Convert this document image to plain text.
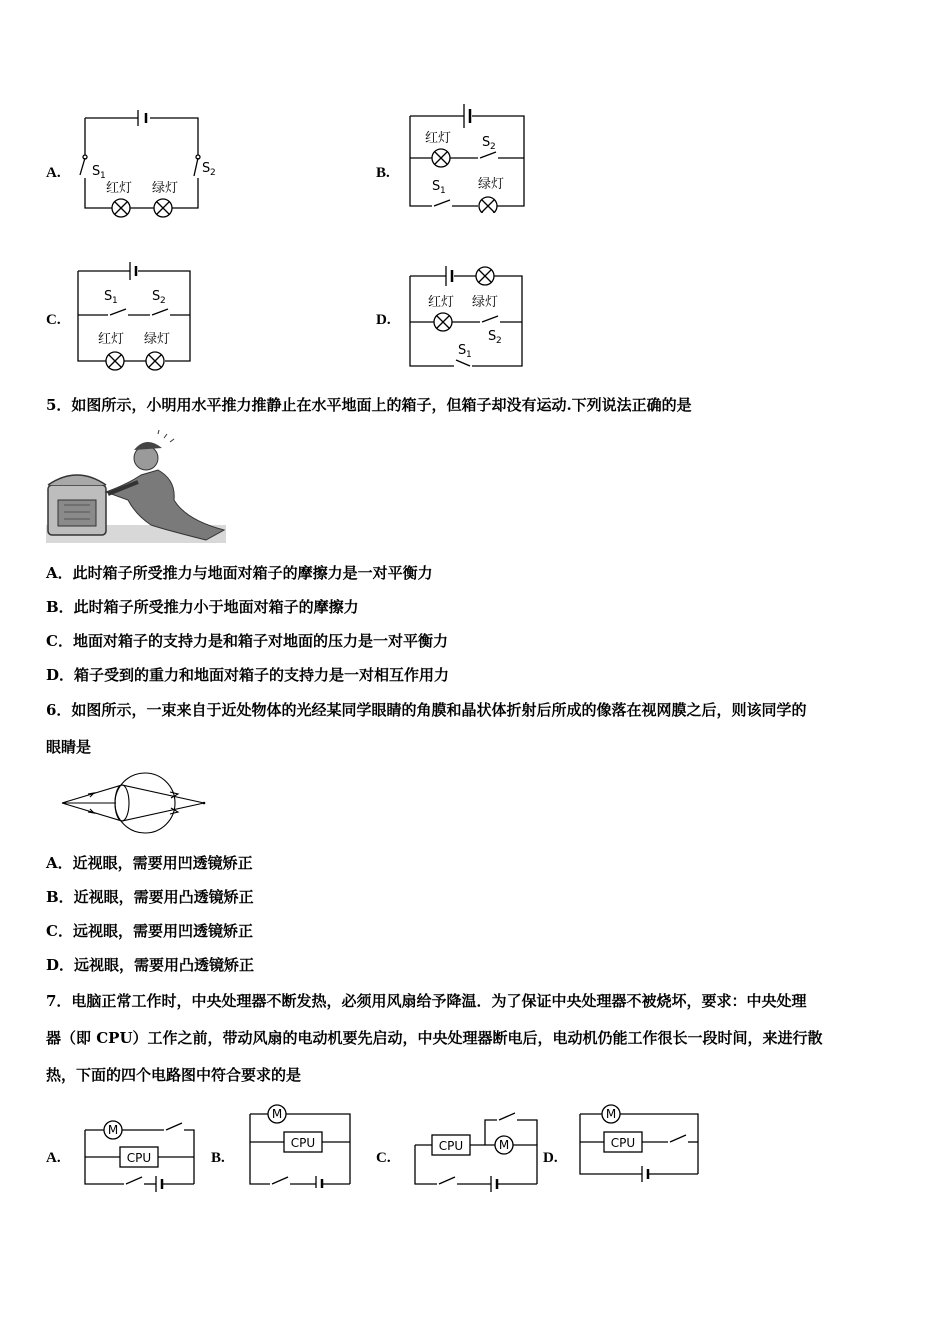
A. S 1	S 2
红灯 绿灯
B.
红灯 S 2
S 1 绿灯
C.
S 1	S 2
红灯 绿灯
D.
红灯 绿灯
S 2
S 1
5．如图所示，小明用水平推力推静止在水平地面上的箱子，但箱子却没有运动.下列说法正确的是
A．此时箱子所受推力与地面对箱子的摩擦力是一对平衡力
B．此时箱子所受推力小于地面对箱子的摩擦力
C．地面对箱子的支持力是和箱子对地面的压力是一对平衡力
D．箱子受到的重力和地面对箱子的支持力是一对相互作用力
6．如图所示，一束来自于近处物体的光经某同学眼睛的角膜和晶状体折射后所成的像落在视网膜之后，则该同学的
眼睛是
A．近视眼，需要用凹透镜矫正
B．近视眼，需要用凸透镜矫正
C．远视眼，需要用凹透镜矫正
D．远视眼，需要用凸透镜矫正
7．电脑正常工作时，中央处理器不断发热，必须用风扇给予降温．为了保证中央处理器不被烧坏，要求：中央处理
器（即 CPU）工作之前，带动风扇的电动机要先启动，中央处理器断电后，电动机仍能工作很长一段时间，来进行散
热，下面的四个电路图中符合要求的是
A.
M
CPU	B.
M
CPU
C.
CPU	M
D.
M
CPU
